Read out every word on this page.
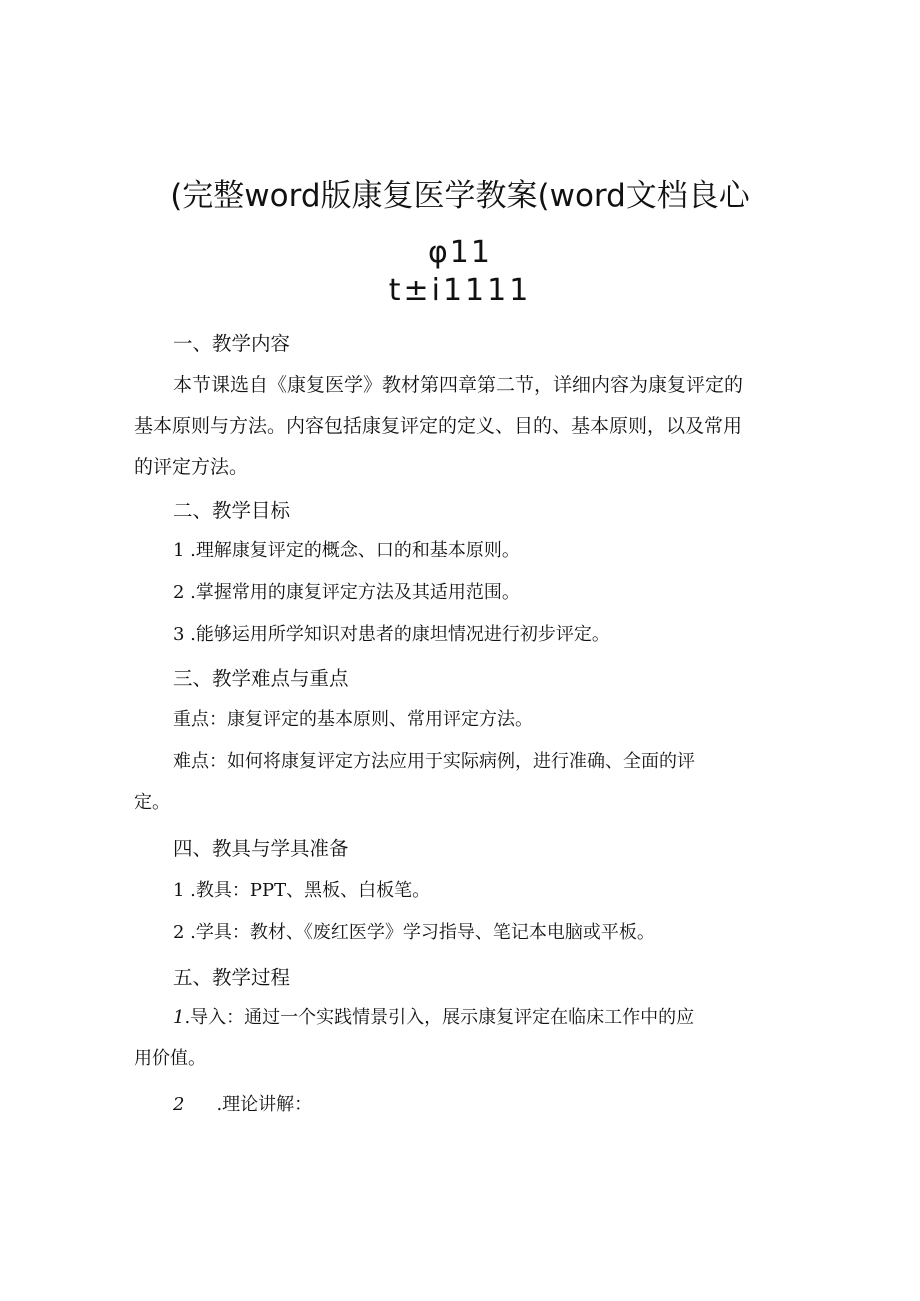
(完整word版康复医学教案(word文档良心
φ11
t±i1111
一、教学内容
本节课选自《康复医学》教材第四章第二节，详细内容为康复评定的
基本原则与方法。内容包括康复评定的定义、目的、基本原则，以及常用
的评定方法。
二、教学目标
1 .理解康复评定的概念、口的和基本原则。
2 .掌握常用的康复评定方法及其适用范围。
3 .能够运用所学知识对患者的康坦情况进行初步评定。
三、教学难点与重点
重点：康复评定的基本原则、常用评定方法。
难点：如何将康复评定方法应用于实际病例，进行准确、全面的评
定。
四、教具与学具准备
1 .教具：PPT、黑板、白板笔。
2 .学具：教材、《废红医学》学习指导、笔记本电脑或平板。
五、教学过程
1.导入：通过一个实践情景引入，展示康复评定在临床工作中的应
用价值。
2 .理论讲解：
